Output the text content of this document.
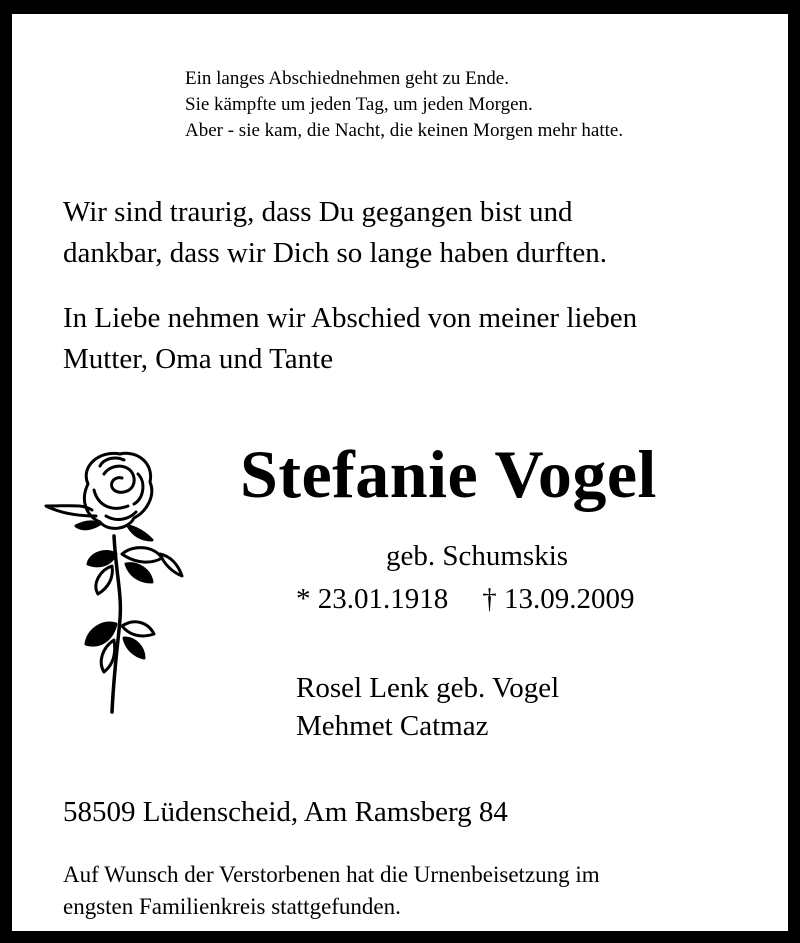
Ein langes Abschiednehmen geht zu Ende.
Sie kämpfte um jeden Tag, um jeden Morgen.
Aber - sie kam, die Nacht, die keinen Morgen mehr hatte.
Wir sind traurig, dass Du gegangen bist und
dankbar, dass wir Dich so lange haben durften.
In Liebe nehmen wir Abschied von meiner lieben
Mutter, Oma und Tante
Stefanie Vogel
geb. Schumskis
* 23.01.1918 † 13.09.2009
Rosel Lenk geb. Vogel
Mehmet Catmaz
58509 Lüdenscheid, Am Ramsberg 84
Auf Wunsch der Verstorbenen hat die Urnenbeisetzung im
engsten Familienkreis stattgefunden.
